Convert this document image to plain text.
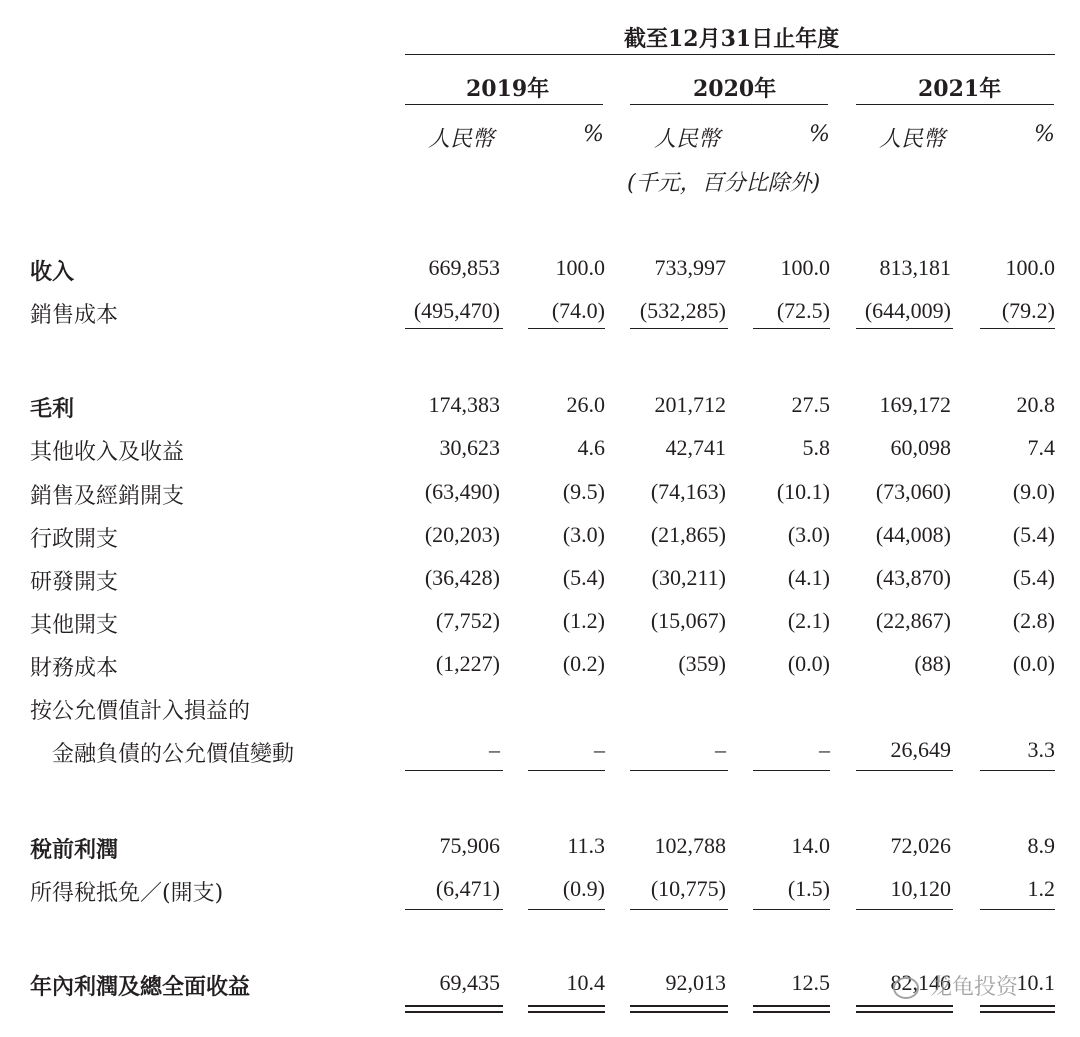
截至12月31日止年度
2019年	2020年	2021年
人民幣	% 人民幣	% 人民幣	%
(千元，百分比除外)
收入	669,853	100.0 733,997 100.0 813,181 100.0
銷售成本	(495,470) (74.0) (532,285) (72.5) (644,009) (79.2)
毛利	174,383	26.0 201,712	27.5 169,172	20.8
其他收入及收益	30,623	4.6	42,741	5.8	60,098	7.4
銷售及經銷開支	(63,490)	(9.5) (74,163) (10.1) (73,060)	(9.0)
行政開支	(20,203)	(3.0) (21,865)	(3.0) (44,008)	(5.4)
研發開支	(36,428)	(5.4) (30,211)	(4.1) (43,870)	(5.4)
其他開支	(7,752)	(1.2) (15,067)	(2.1) (22,867)	(2.8)
財務成本	(1,227)	(0.2)	(359)	(0.0)	(88)	(0.0)
按公允價值計入損益的
金融負債的公允價值變動	–	–	–	–	26,649	3.3
稅前利潤	75,906	11.3 102,788	14.0	72,026	8.9
所得稅抵免／(開支)	(6,471)	(0.9) (10,775)	(1.5)	10,120	1.2
年內利潤及總全面收益	69,435	10.4	92,013	12.5	82,146	10.1
龙龟投资
